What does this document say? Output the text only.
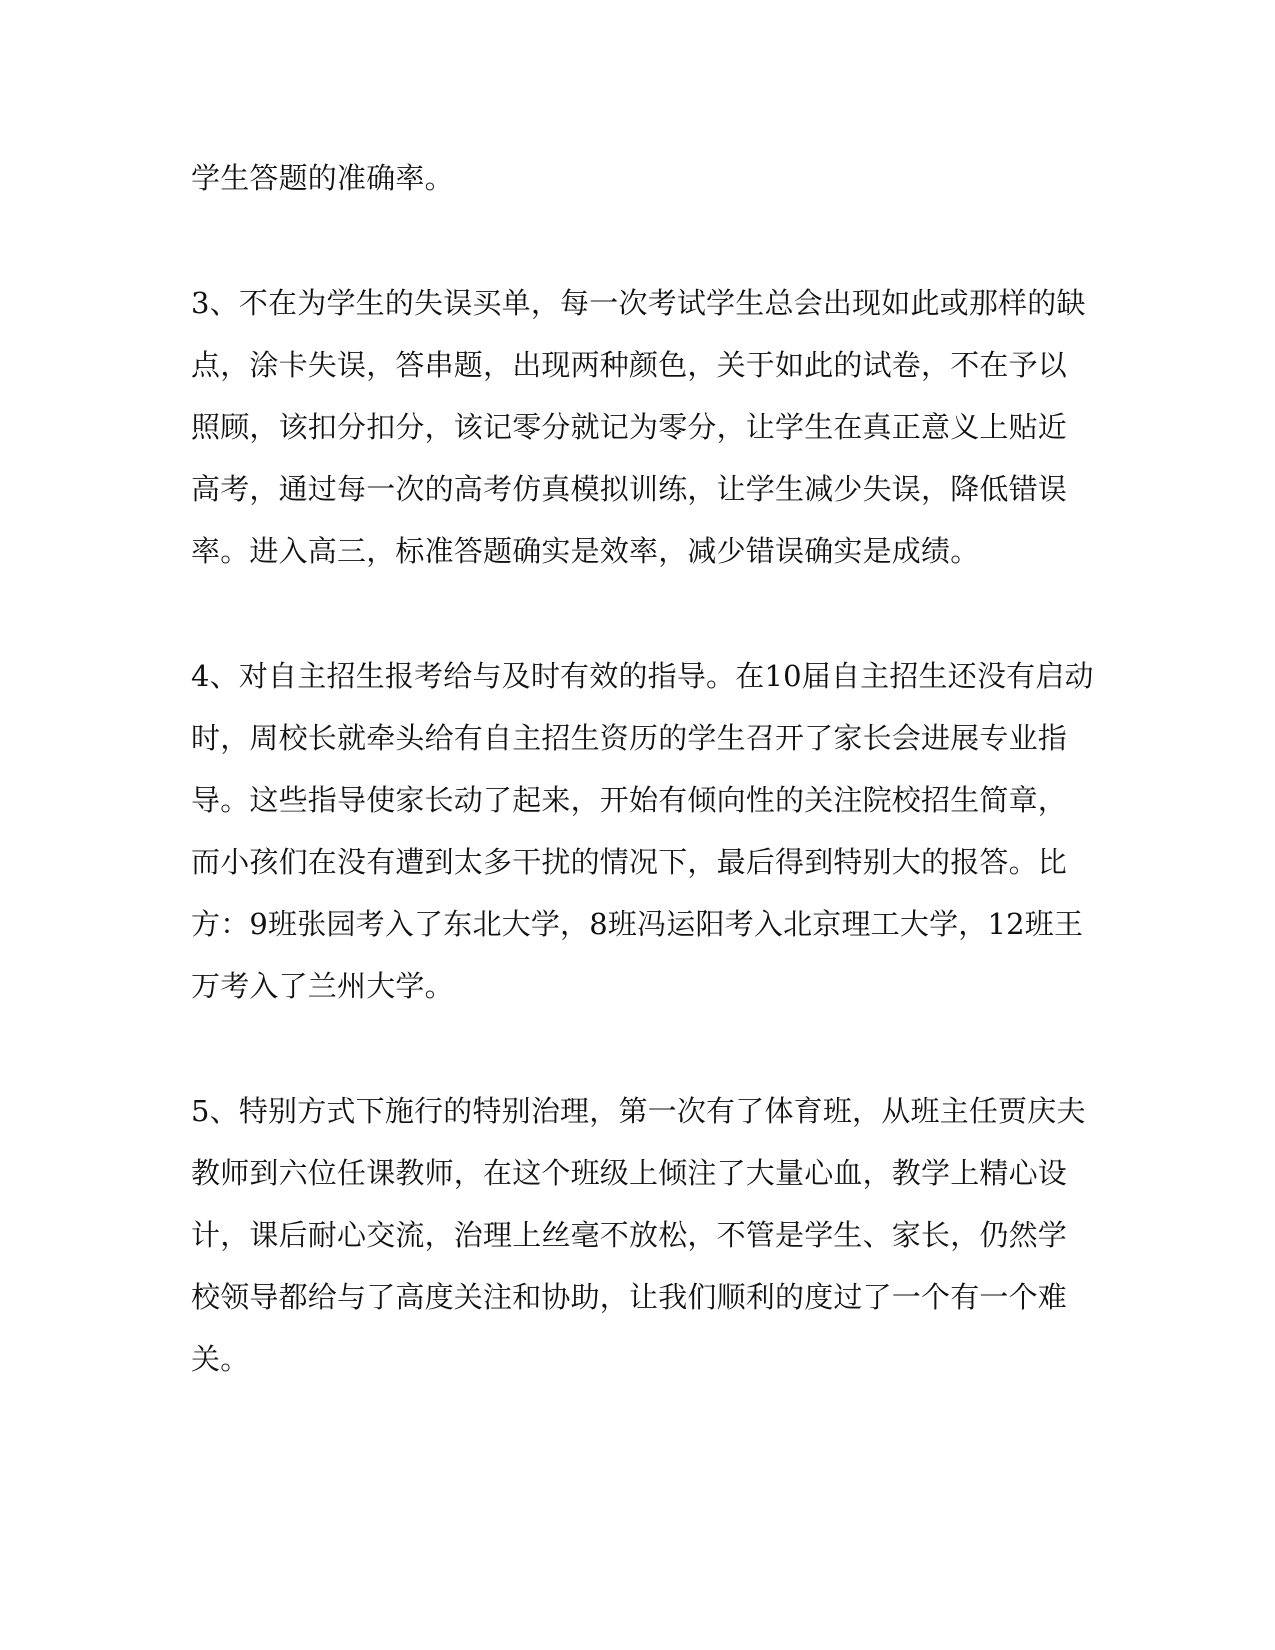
学生答题的准确率。

3、不在为学生的失误买单，每一次考试学生总会出现如此或那样的缺

点，涂卡失误，答串题，出现两种颜色，关于如此的试卷，不在予以

照顾，该扣分扣分，该记零分就记为零分，让学生在真正意义上贴近

高考，通过每一次的高考仿真模拟训练，让学生减少失误，降低错误

率。进入高三，标准答题确实是效率，减少错误确实是成绩。

4、对自主招生报考给与及时有效的指导。在10届自主招生还没有启动

时，周校长就牵头给有自主招生资历的学生召开了家长会进展专业指

导。这些指导使家长动了起来，开始有倾向性的关注院校招生简章，

而小孩们在没有遭到太多干扰的情况下，最后得到特别大的报答。比

方：9班张园考入了东北大学，8班冯运阳考入北京理工大学，12班王

万考入了兰州大学。

5、特别方式下施行的特别治理，第一次有了体育班，从班主任贾庆夫

教师到六位任课教师，在这个班级上倾注了大量心血，教学上精心设

计，课后耐心交流，治理上丝毫不放松，不管是学生、家长，仍然学

校领导都给与了高度关注和协助，让我们顺利的度过了一个有一个难

关。
